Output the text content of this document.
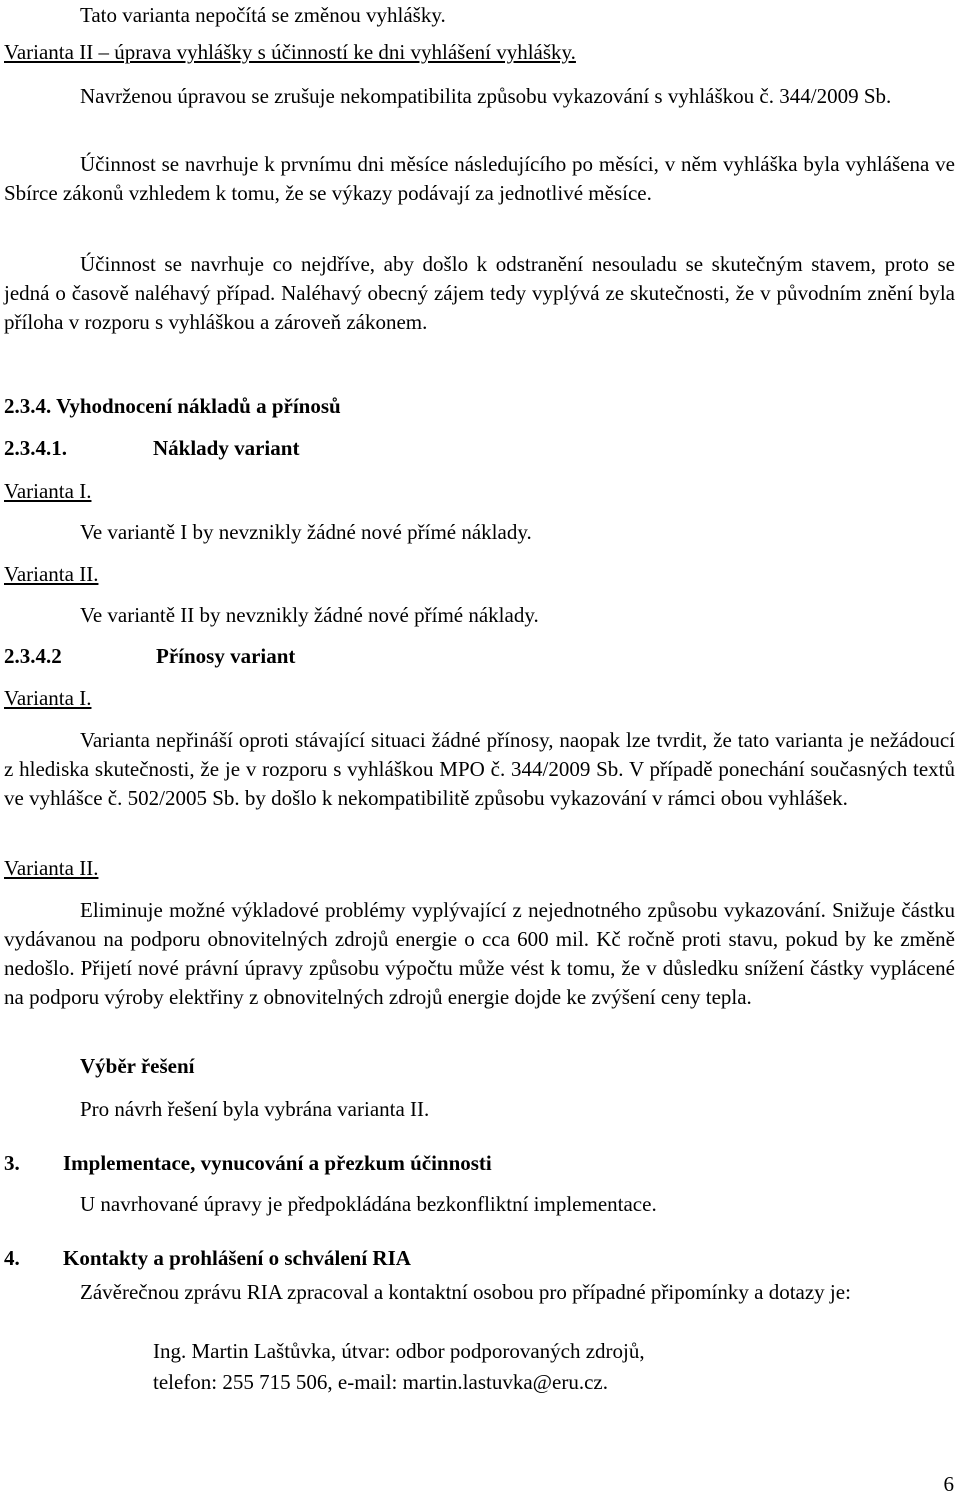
Tato varianta nepočítá se změnou vyhlášky.

Varianta II – úprava vyhlášky s účinností ke dni vyhlášení vyhlášky.

Navrženou úpravou se zrušuje nekompatibilita způsobu vykazování s vyhláškou č. 344/2009 Sb.

Účinnost se navrhuje k prvnímu dni měsíce následujícího po měsíci, v něm vyhláška byla vyhlášena ve Sbírce zákonů vzhledem k tomu, že se výkazy podávají za jednotlivé měsíce.

Účinnost se navrhuje co nejdříve, aby došlo k odstranění nesouladu se skutečným stavem, proto se jedná o časově naléhavý případ. Naléhavý obecný zájem tedy vyplývá ze skutečnosti, že v původním znění byla příloha v rozporu s vyhláškou a zároveň zákonem.

2.3.4. Vyhodnocení nákladů a přínosů

2.3.4.1.	Náklady variant

Varianta I.

Ve variantě I by nevznikly žádné nové přímé náklady.

Varianta II.

Ve variantě II by nevznikly žádné nové přímé náklady.

2.3.4.2	Přínosy variant

Varianta I.

Varianta nepřináší oproti stávající situaci žádné přínosy, naopak lze tvrdit, že tato varianta je nežádoucí z hlediska skutečnosti, že je v rozporu s vyhláškou MPO č. 344/2009 Sb. V případě ponechání současných textů ve vyhlášce č. 502/2005 Sb. by došlo k nekompatibilitě způsobu vykazování v rámci obou vyhlášek.

Varianta II.

Eliminuje možné výkladové problémy vyplývající z nejednotného způsobu vykazování. Snižuje částku vydávanou na podporu obnovitelných zdrojů energie o cca 600 mil. Kč ročně proti stavu, pokud by ke změně nedošlo. Přijetí nové právní úpravy způsobu výpočtu může vést k tomu, že v důsledku snížení částky vyplácené na podporu výroby elektřiny z obnovitelných zdrojů energie dojde ke zvýšení ceny tepla.

Výběr řešení

Pro návrh řešení byla vybrána varianta II.

3. Implementace, vynucování a přezkum účinnosti

U navrhované úpravy je předpokládána bezkonfliktní implementace.

4. Kontakty a prohlášení o schválení RIA

Závěrečnou zprávu RIA zpracoval a kontaktní osobou pro případné připomínky a dotazy je:

Ing. Martin Laštůvka, útvar: odbor podporovaných zdrojů,

telefon: 255 715 506, e-mail: martin.lastuvka@eru.cz.

6
